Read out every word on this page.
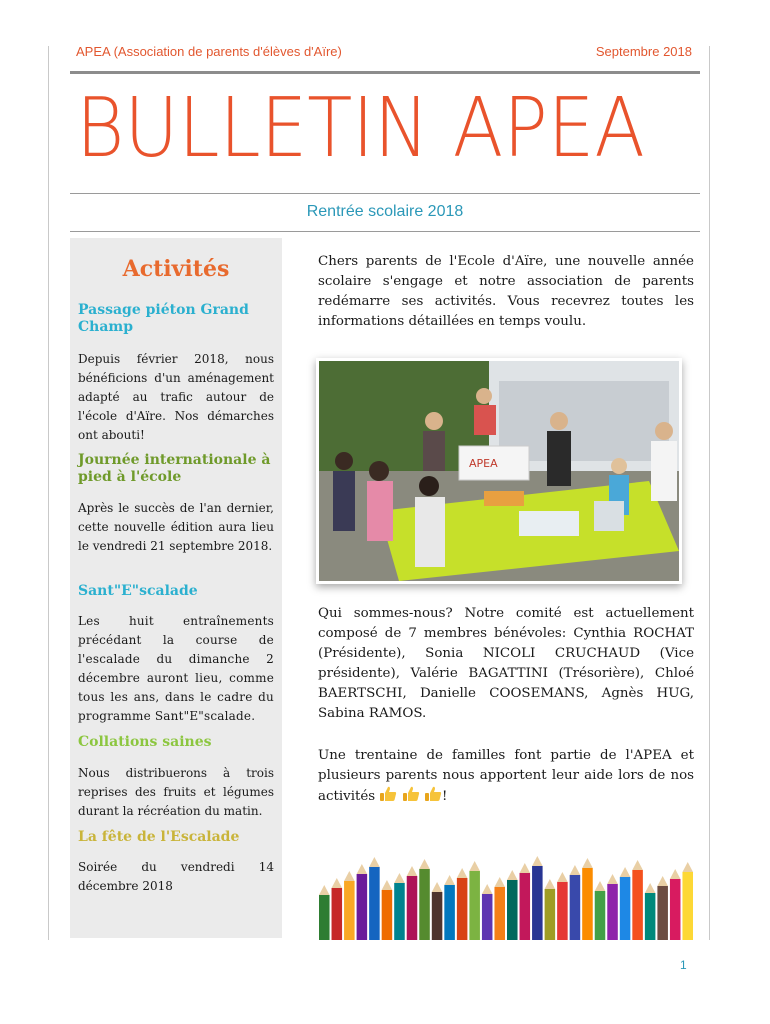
APEA (Association de parents d'élèves d'Aïre)	Septembre 2018
BULLETIN APEA
Rentrée scolaire 2018
Activités
Passage piéton Grand Champ
Depuis février 2018, nous bénéficions d'un aménagement adapté au trafic autour de l'école d'Aïre. Nos démarches ont abouti!
Journée internationale à pied à l'école
Après le succès de l'an dernier, cette nouvelle édition aura lieu le vendredi 21 septembre 2018.
Sant"E"scalade
Les huit entraînements précédant la course de l'escalade du dimanche 2 décembre auront lieu, comme tous les ans, dans le cadre du programme Sant"E"scalade.
Collations saines
Nous distribuerons à trois reprises des fruits et légumes durant la récréation du matin.
La fête de l'Escalade
Soirée du vendredi 14 décembre 2018
Chers parents de l'Ecole d'Aïre, une nouvelle année scolaire s'engage et notre association de parents redémarre ses activités. Vous recevrez toutes les informations détaillées en temps voulu.
APEA
Qui sommes-nous? Notre comité est actuellement composé de 7 membres bénévoles: Cynthia ROCHAT (Présidente), Sonia NICOLI CRUCHAUD (Vice présidente), Valérie BAGATTINI (Trésorière), Chloé BAERTSCHI, Danielle COOSEMANS, Agnès HUG, Sabina RAMOS.
Une trentaine de familles font partie de l'APEA et plusieurs parents nous apportent leur aide lors de nos activités	!
1
